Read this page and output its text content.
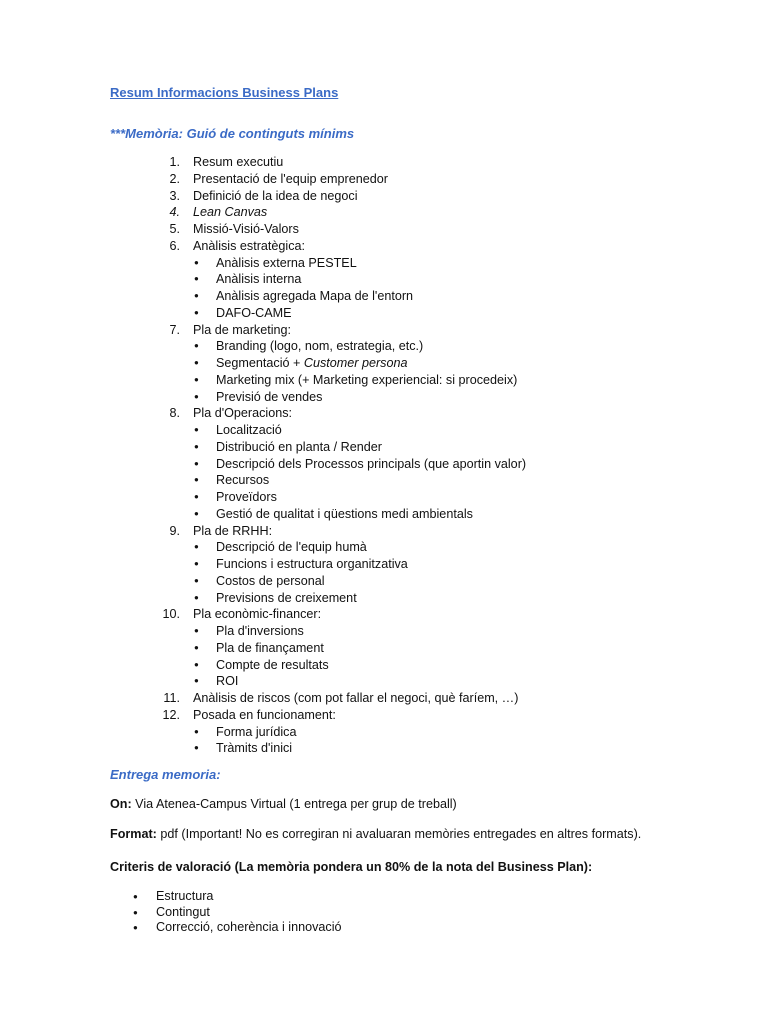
Resum Informacions Business Plans
***Memòria: Guió de continguts mínims
1. Resum executiu
2. Presentació de l'equip emprenedor
3. Definició de la idea de negoci
4. Lean Canvas
5. Missió-Visió-Valors
6. Anàlisis estratègica:
● Anàlisis externa PESTEL
● Anàlisis interna
● Anàlisis agregada Mapa de l'entorn
● DAFO-CAME
7. Pla de marketing:
● Branding (logo, nom, estrategia, etc.)
● Segmentació + Customer persona
● Marketing mix (+ Marketing experiencial: si procedeix)
● Previsió de vendes
8. Pla d'Operacions:
● Localització
● Distribució en planta / Render
● Descripció dels Processos principals (que aportin valor)
● Recursos
● Proveïdors
● Gestió de qualitat i qüestions medi ambientals
9. Pla de RRHH:
● Descripció de l'equip humà
● Funcions i estructura organitzativa
● Costos de personal
● Previsions de creixement
10. Pla econòmic-financer:
● Pla d'inversions
● Pla de finançament
● Compte de resultats
● ROI
11. Anàlisis de riscos (com pot fallar el negoci, què faríem, …)
12. Posada en funcionament:
● Forma jurídica
● Tràmits d'inici
Entrega memoria:
On: Via Atenea-Campus Virtual (1 entrega per grup de treball)
Format: pdf (Important! No es corregiran ni avaluaran memòries entregades en altres formats).
Criteris de valoració (La memòria pondera un 80% de la nota del Business Plan):
● Estructura
● Contingut
● Correcció, coherència i innovació
